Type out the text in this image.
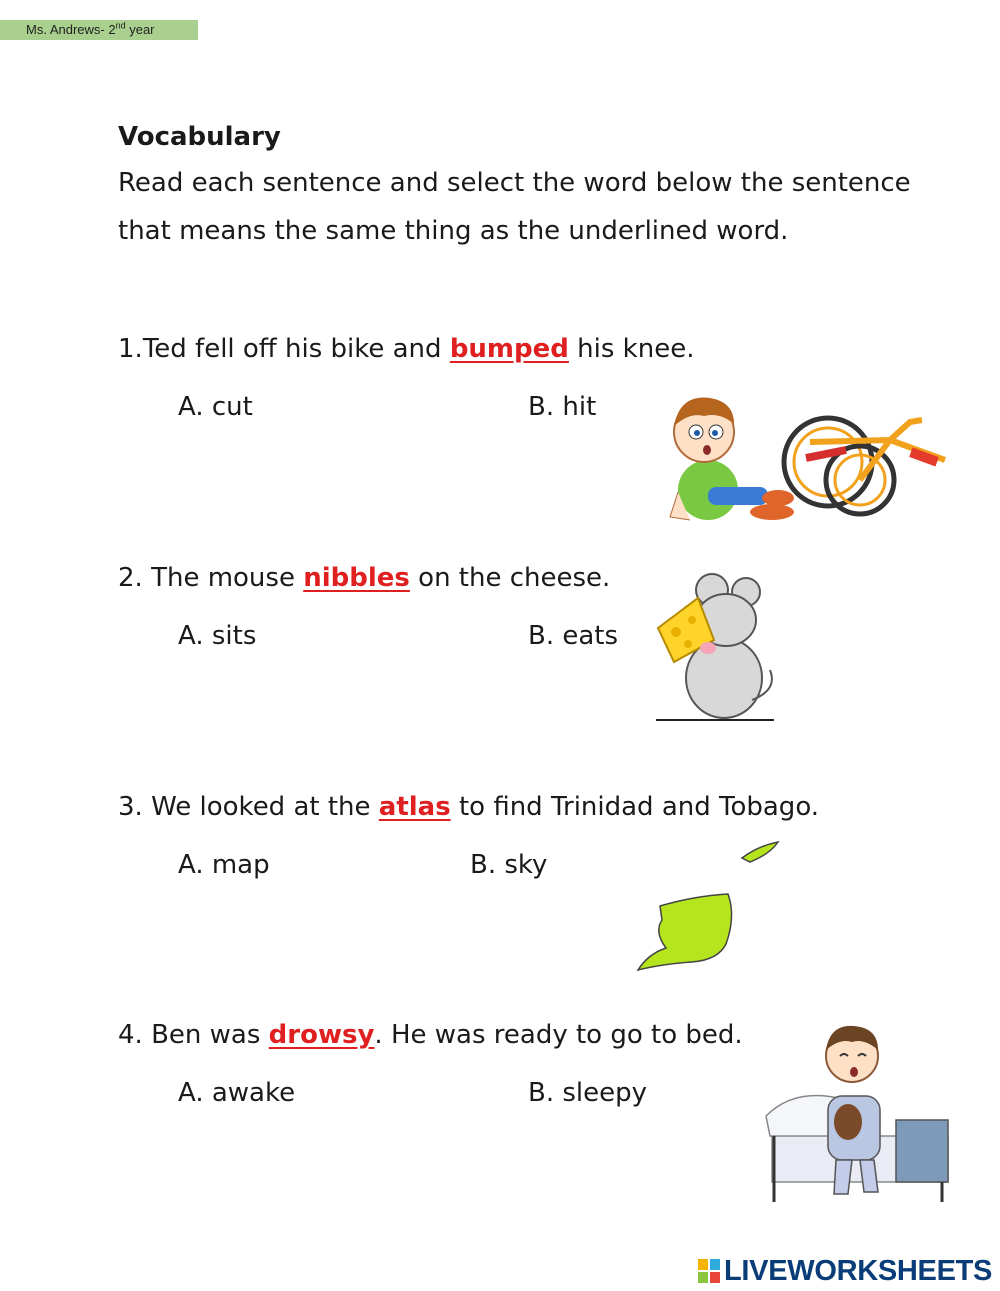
Ms. Andrews- 2nd year
Vocabulary
Read each sentence and select the word below the sentence
that means the same thing as the underlined word.
1.Ted fell off his bike and bumped his knee.
A. cut	B. hit
2. The mouse nibbles on the cheese.
A. sits	B. eats
3. We looked at the atlas to find Trinidad and Tobago.
A. map	B. sky
4. Ben was drowsy. He was ready to go to bed.
A. awake	B. sleepy
LIVEWORKSHEETS
